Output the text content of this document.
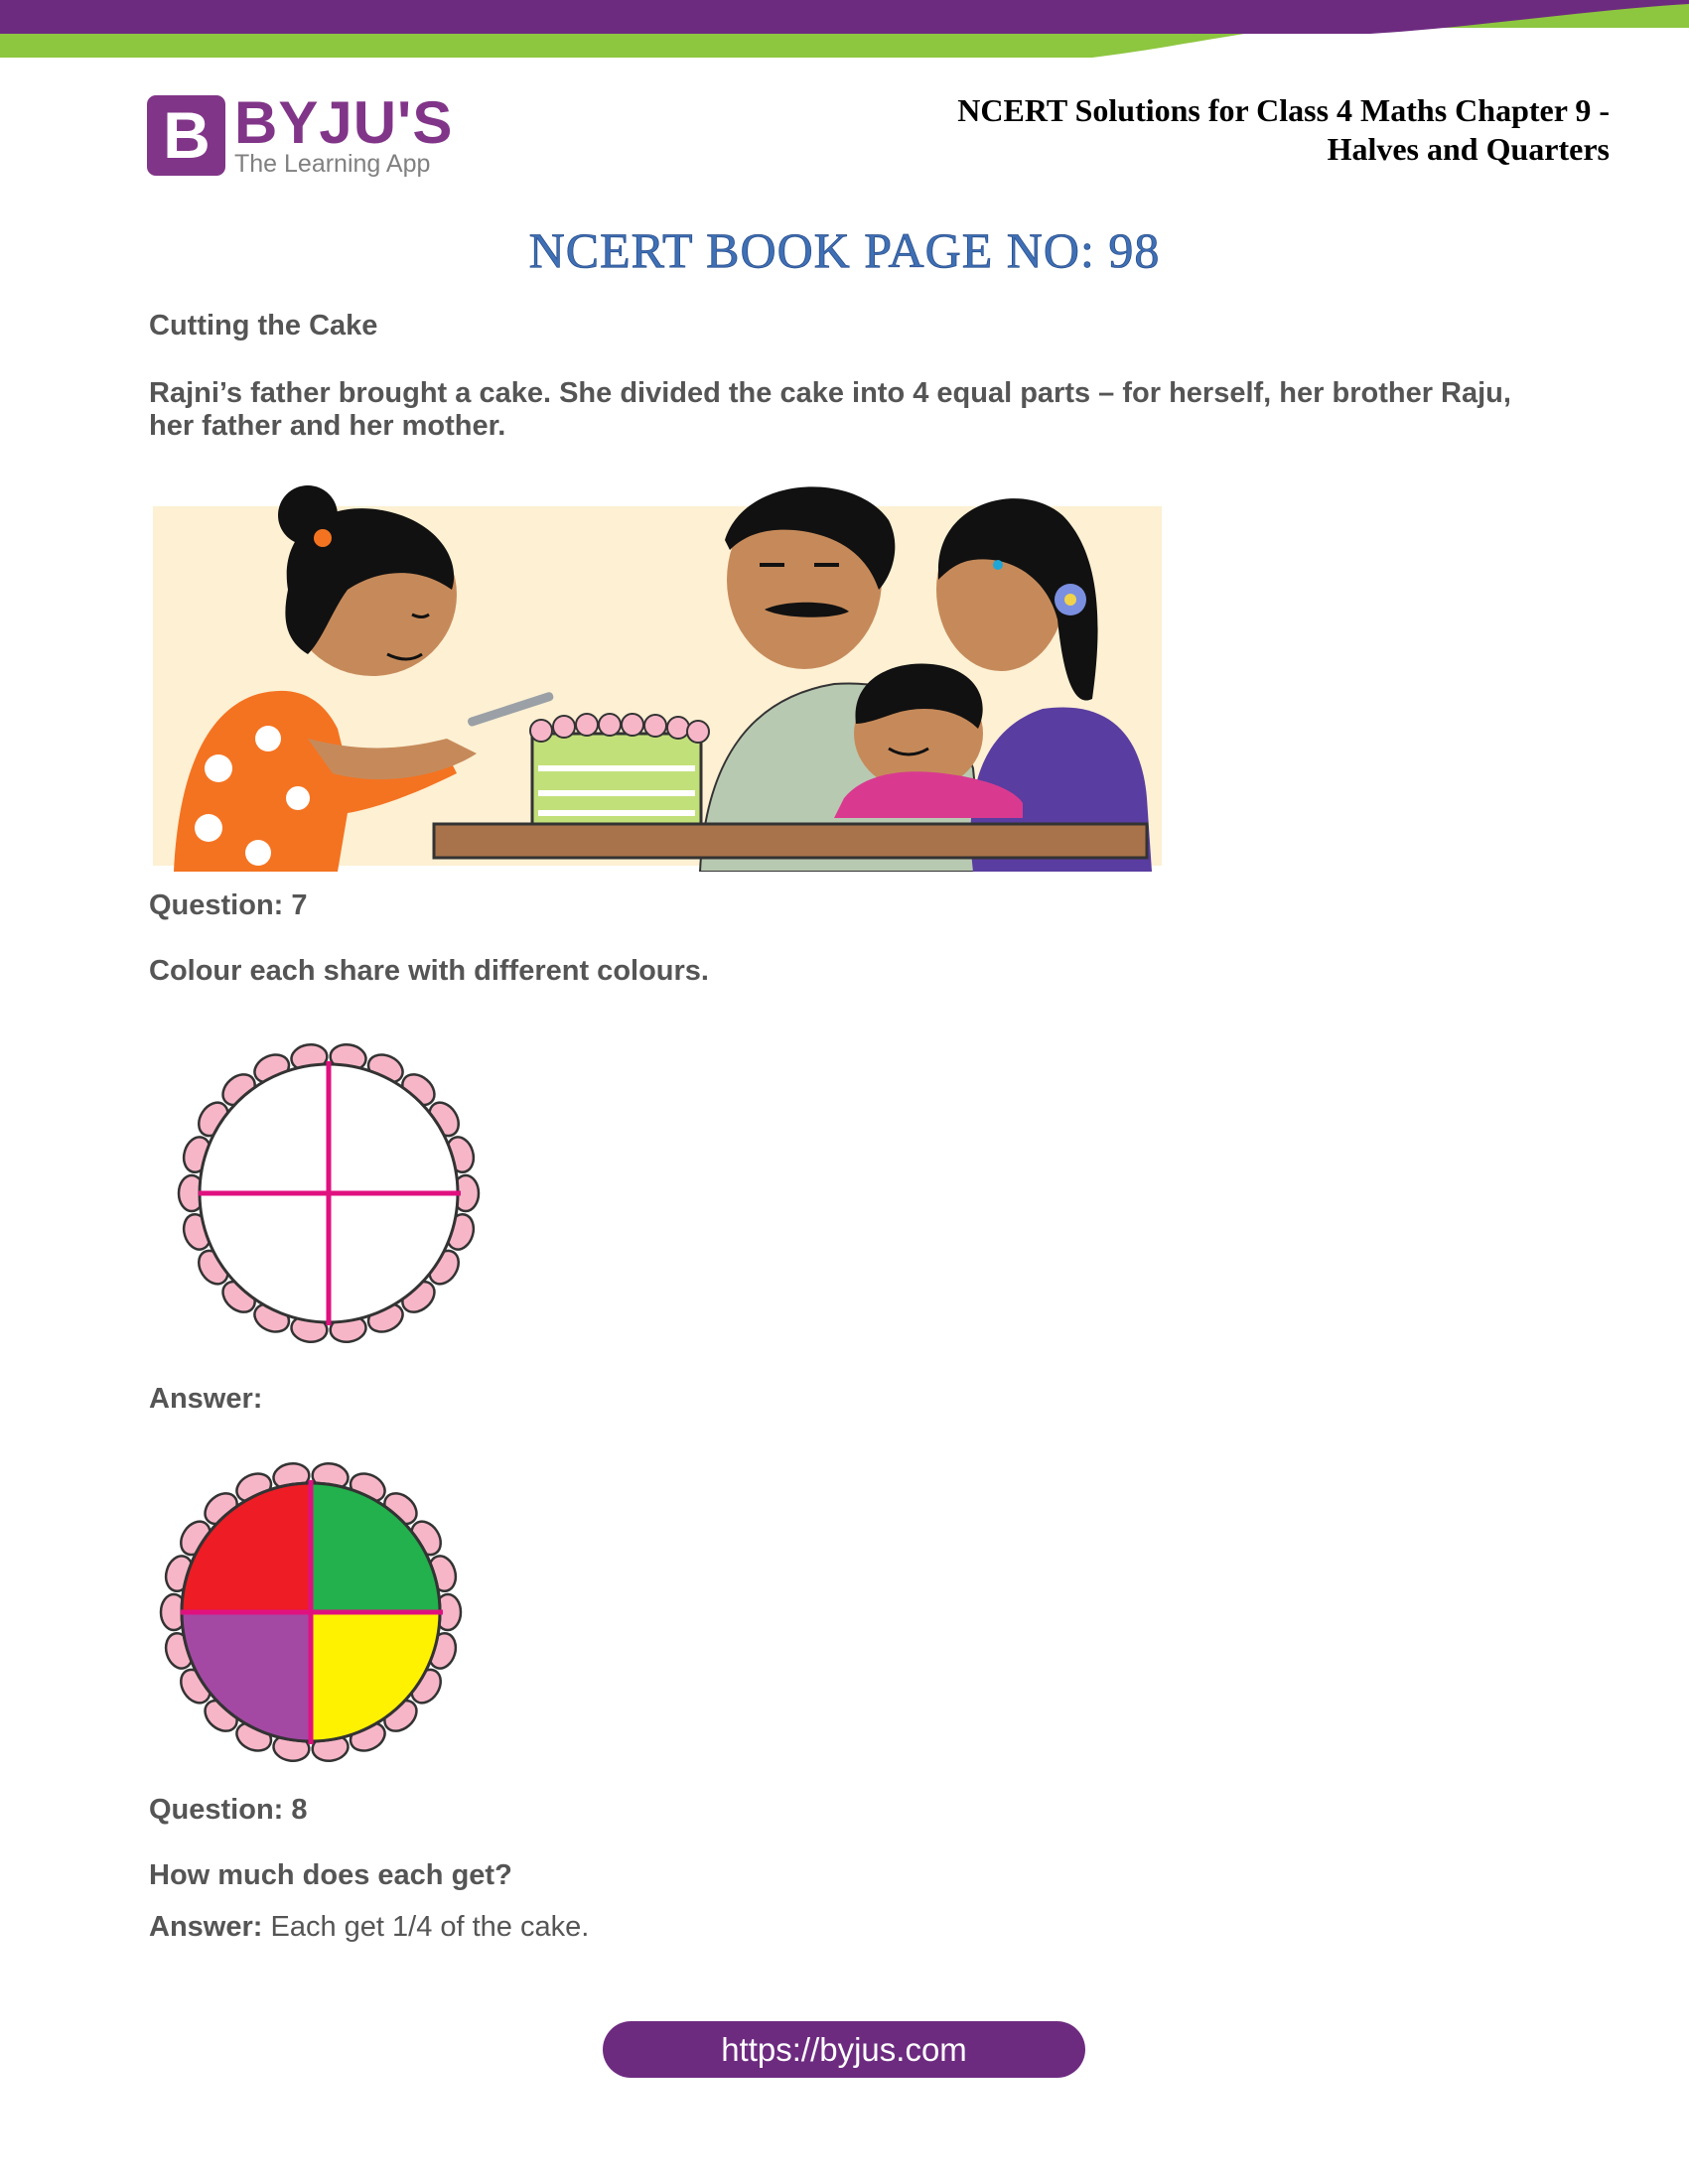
B BYJU'S
The Learning App
NCERT Solutions for Class 4 Maths Chapter 9 -
Halves and Quarters
NCERT BOOK PAGE NO: 98
Cutting the Cake
Rajni’s father brought a cake. She divided the cake into 4 equal parts – for herself, her brother Raju,
her father and her mother.
Question: 7
Colour each share with different colours.
Answer:
Question: 8
How much does each get?
Answer: Each get 1/4 of the cake.
https://byjus.com
